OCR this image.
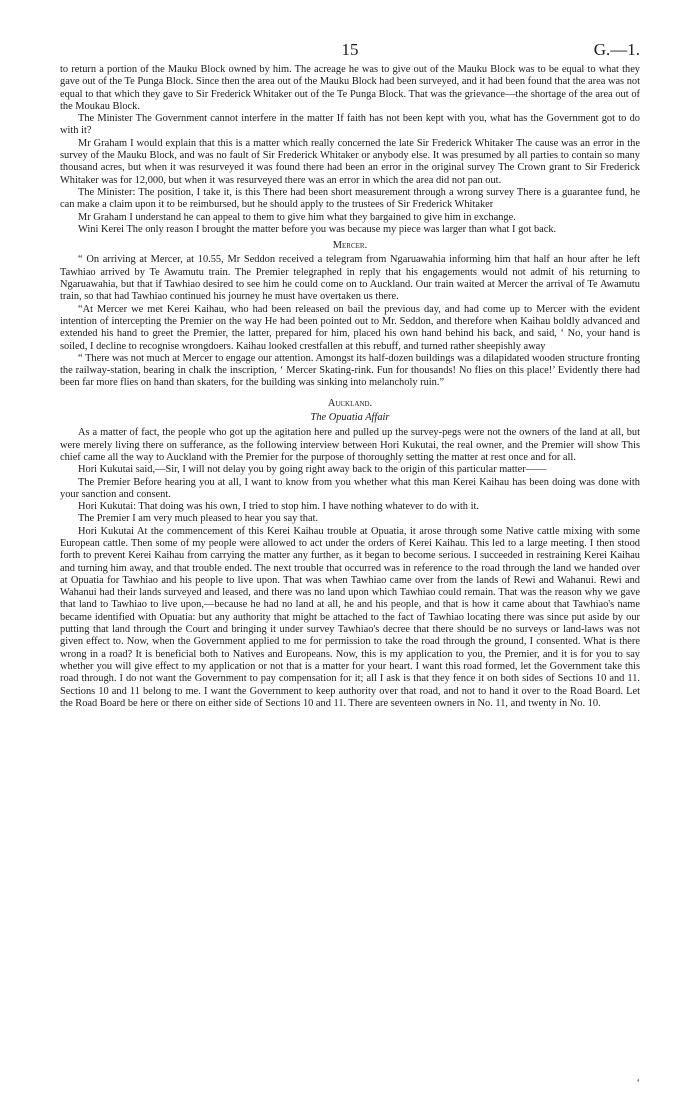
15	G.—1.

to return a portion of the Mauku Block owned by him. The acreage he was to give out of the Mauku Block was to be equal to what they gave out of the Te Punga Block. Since then the area out of the Mauku Block had been surveyed, and it had been found that the area was not equal to that which they gave to Sir Frederick Whitaker out of the Te Punga Block. That was the grievance—the shortage of the area out of the Moukau Block.

The Minister The Government cannot interfere in the matter If faith has not been kept with you, what has the Government got to do with it?

Mr Graham I would explain that this is a matter which really concerned the late Sir Frederick Whitaker The cause was an error in the survey of the Mauku Block, and was no fault of Sir Frederick Whitaker or anybody else. It was presumed by all parties to contain so many thousand acres, but when it was resurveyed it was found there had been an error in the original survey The Crown grant to Sir Frederick Whitaker was for 12,000, but when it was resurveyed there was an error in which the area did not pan out.

The Minister: The position, I take it, is this There had been short measurement through a wrong survey There is a guarantee fund, he can make a claim upon it to be reimbursed, but he should apply to the trustees of Sir Frederick Whitaker

Mr Graham I understand he can appeal to them to give him what they bargained to give him in exchange.

Wini Kerei The only reason I brought the matter before you was because my piece was larger than what I got back.

Mercer.

“ On arriving at Mercer, at 10.55, Mr Seddon received a telegram from Ngaruawahia informing him that half an hour after he left Tawhiao arrived by Te Awamutu train. The Premier telegraphed in reply that his engagements would not admit of his returning to Ngaruawahia, but that if Tawhiao desired to see him he could come on to Auckland. Our train waited at Mercer the arrival of Te Awamutu train, so that had Tawhiao continued his journey he must have overtaken us there.

“At Mercer we met Kerei Kaihau, who had been released on bail the previous day, and had come up to Mercer with the evident intention of intercepting the Premier on the way He had been pointed out to Mr. Seddon, and therefore when Kaihau boldly advanced and extended his hand to greet the Premier, the latter, prepared for him, placed his own hand behind his back, and said, ‘ No, your hand is soiled, I decline to recognise wrongdoers. Kaihau looked crestfallen at this rebuff, and turned rather sheepishly away

“ There was not much at Mercer to engage our attention. Amongst its half-dozen buildings was a dilapidated wooden structure fronting the railway-station, bearing in chalk the inscription, ‘ Mercer Skating-rink. Fun for thousands! No flies on this place!’ Evidently there had been far more flies on hand than skaters, for the building was sinking into melancholy ruin.”

Auckland.
The Opuatia Affair

As a matter of fact, the people who got up the agitation here and pulled up the survey-pegs were not the owners of the land at all, but were merely living there on sufferance, as the following interview between Hori Kukutai, the real owner, and the Premier will show This chief came all the way to Auckland with the Premier for the purpose of thoroughly setting the matter at rest once and for all.

Hori Kukutai said,—Sir, I will not delay you by going right away back to the origin of this particular matter——

The Premier Before hearing you at all, I want to know from you whether what this man Kerei Kaihau has been doing was done with your sanction and consent.

Hori Kukutai: That doing was his own, I tried to stop him. I have nothing whatever to do with it.

The Premier I am very much pleased to hear you say that.

Hori Kukutai At the commencement of this Kerei Kaihau trouble at Opuatia, it arose through some Native cattle mixing with some European cattle. Then some of my people were allowed to act under the orders of Kerei Kaihau. This led to a large meeting. I then stood forth to prevent Kerei Kaihau from carrying the matter any further, as it began to become serious. I succeeded in restraining Kerei Kaihau and turning him away, and that trouble ended. The next trouble that occurred was in reference to the road through the land we handed over at Opuatia for Tawhiao and his people to live upon. That was when Tawhiao came over from the lands of Rewi and Wahanui. Rewi and Wahanui had their lands surveyed and leased, and there was no land upon which Tawhiao could remain. That was the reason why we gave that land to Tawhiao to live upon,—because he had no land at all, he and his people, and that is how it came about that Tawhiao's name became identified with Opuatia: but any authority that might be attached to the fact of Tawhiao locating there was since put aside by our putting that land through the Court and bringing it under survey Tawhiao's decree that there should be no surveys or land-laws was not given effect to. Now, when the Government applied to me for permission to take the road through the ground, I consented. What is there wrong in a road? It is beneficial both to Natives and Europeans. Now, this is my application to you, the Premier, and it is for you to say whether you will give effect to my application or not that is a matter for your heart. I want this road formed, let the Government take this road through. I do not want the Government to pay compensation for it; all I ask is that they fence it on both sides of Sections 10 and 11. Sections 10 and 11 belong to me. I want the Government to keep authority over that road, and not to hand it over to the Road Board. Let the Road Board be here or there on either side of Sections 10 and 11. There are seventeen owners in No. 11, and twenty in No. 10.

‘
